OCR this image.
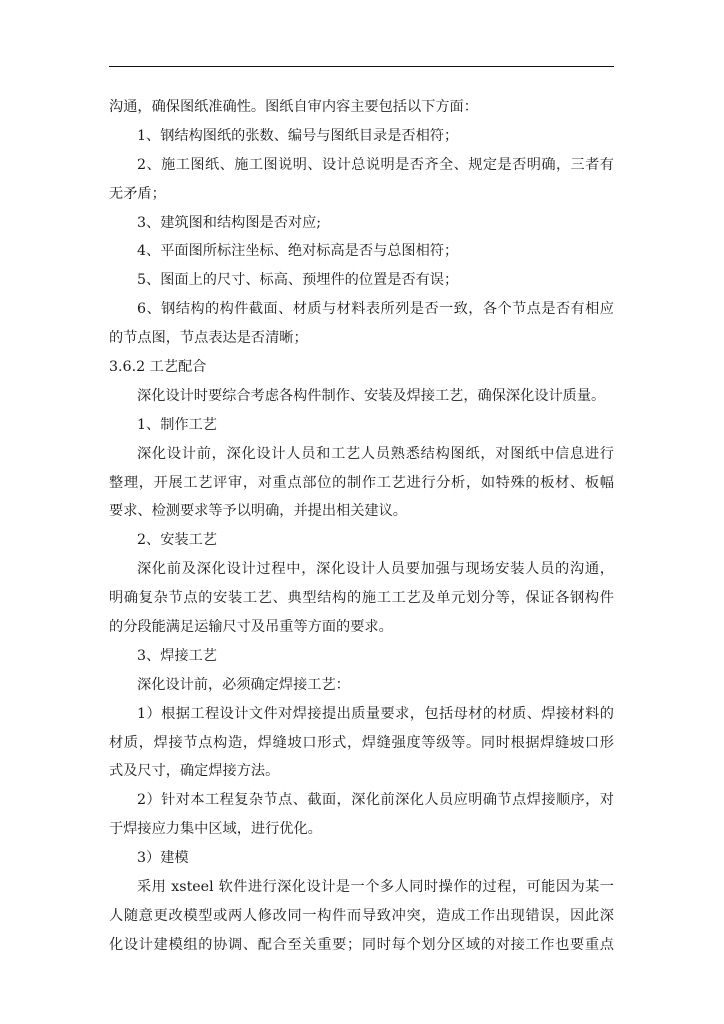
沟通，确保图纸准确性。图纸自审内容主要包括以下方面：
1、钢结构图纸的张数、编号与图纸目录是否相符；
2、施工图纸、施工图说明、设计总说明是否齐全、规定是否明确，三者有
无矛盾；
3、建筑图和结构图是否对应;
4、平面图所标注坐标、绝对标高是否与总图相符；
5、图面上的尺寸、标高、预埋件的位置是否有误；
6、钢结构的构件截面、材质与材料表所列是否一致，各个节点是否有相应
的节点图，节点表达是否清晰；
3.6.2 工艺配合
深化设计时要综合考虑各构件制作、安装及焊接工艺，确保深化设计质量。
1、制作工艺
深化设计前，深化设计人员和工艺人员熟悉结构图纸，对图纸中信息进行
整理，开展工艺评审，对重点部位的制作工艺进行分析，如特殊的板材、板幅
要求、检测要求等予以明确，并提出相关建议。
2、安装工艺
深化前及深化设计过程中，深化设计人员要加强与现场安装人员的沟通，
明确复杂节点的安装工艺、典型结构的施工工艺及单元划分等，保证各钢构件
的分段能满足运输尺寸及吊重等方面的要求。
3、焊接工艺
深化设计前，必须确定焊接工艺：
1）根据工程设计文件对焊接提出质量要求，包括母材的材质、焊接材料的
材质，焊接节点构造，焊缝坡口形式，焊缝强度等级等。同时根据焊缝坡口形
式及尺寸，确定焊接方法。
2）针对本工程复杂节点、截面，深化前深化人员应明确节点焊接顺序，对
于焊接应力集中区域，进行优化。
3）建模
采用 xsteel 软件进行深化设计是一个多人同时操作的过程，可能因为某一
人随意更改模型或两人修改同一构件而导致冲突，造成工作出现错误，因此深
化设计建模组的协调、配合至关重要；同时每个划分区域的对接工作也要重点
